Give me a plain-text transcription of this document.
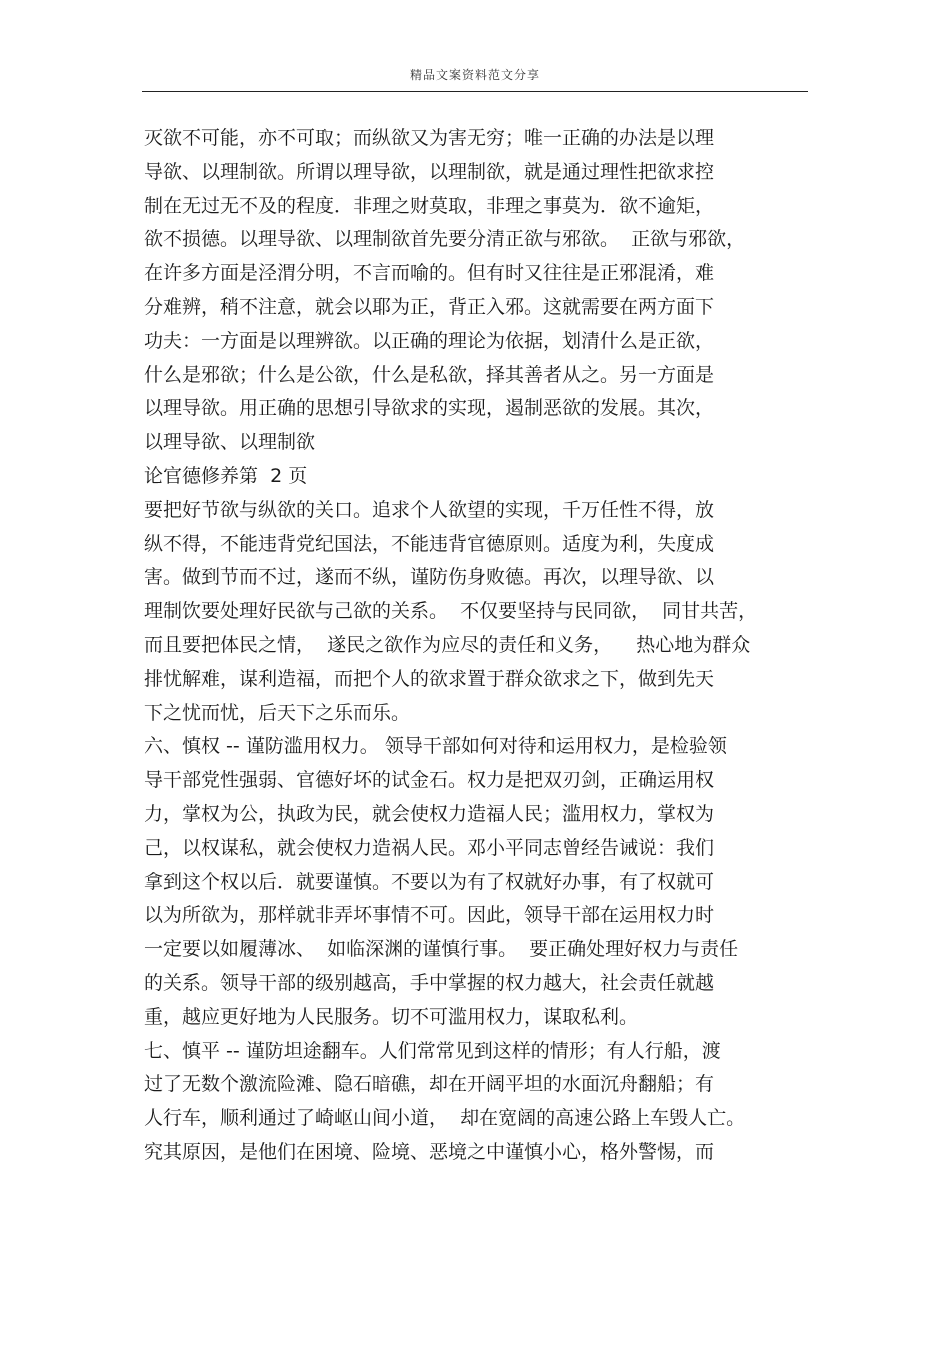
精品文案资料范文分享
灭欲不可能，亦不可取；而纵欲又为害无穷；唯一正确的办法是以理
导欲、以理制欲。所谓以理导欲，以理制欲，就是通过理性把欲求控
制在无过无不及的程度．非理之财莫取，非理之事莫为．欲不逾矩，
欲不损德。以理导欲、以理制欲首先要分清正欲与邪欲。  正欲与邪欲，
在许多方面是泾渭分明，不言而喻的。但有时又往往是正邪混淆，难
分难辨，稍不注意，就会以耶为正，背正入邪。这就需要在两方面下
功夫：一方面是以理辨欲。以正确的理论为依据，划清什么是正欲，
什么是邪欲；什么是公欲，什么是私欲，择其善者从之。另一方面是
以理导欲。用正确的思想引导欲求的实现，遏制恶欲的发展。其次，
以理导欲、以理制欲
论官德修养第  2 页
要把好节欲与纵欲的关口。追求个人欲望的实现，千万任性不得，放
纵不得，不能违背党纪国法，不能违背官德原则。适度为利，失度成
害。做到节而不过，遂而不纵，谨防伤身败德。再次，以理导欲、以
理制饮要处理好民欲与己欲的关系。  不仅要坚持与民同欲，  同甘共苦，
而且要把体民之情，  遂民之欲作为应尽的责任和义务，    热心地为群众
排忧解难，谋利造福，而把个人的欲求置于群众欲求之下，做到先天
下之忧而忧，后天下之乐而乐。
六、慎权 -- 谨防滥用权力。 领导干部如何对待和运用权力，是检验领
导干部党性强弱、官德好坏的试金石。权力是把双刃剑，正确运用权
力，掌权为公，执政为民，就会使权力造福人民；滥用权力，掌权为
己，以权谋私，就会使权力造祸人民。邓小平同志曾经告诫说：我们
拿到这个权以后．就要谨慎。不要以为有了权就好办事，有了权就可
以为所欲为，那样就非弄坏事情不可。因此，领导干部在运用权力时
一定要以如履薄冰、  如临深渊的谨慎行事。  要正确处理好权力与责任
的关系。领导干部的级别越高，手中掌握的权力越大，社会责任就越
重，越应更好地为人民服务。切不可滥用权力，谋取私利。
七、慎平 -- 谨防坦途翻车。人们常常见到这样的情形；有人行船，渡
过了无数个激流险滩、隐石暗礁，却在开阔平坦的水面沉舟翻船；有
人行车，顺利通过了崎岖山间小道，  却在宽阔的高速公路上车毁人亡。
究其原因，是他们在困境、险境、恶境之中谨慎小心，格外警惕，而
